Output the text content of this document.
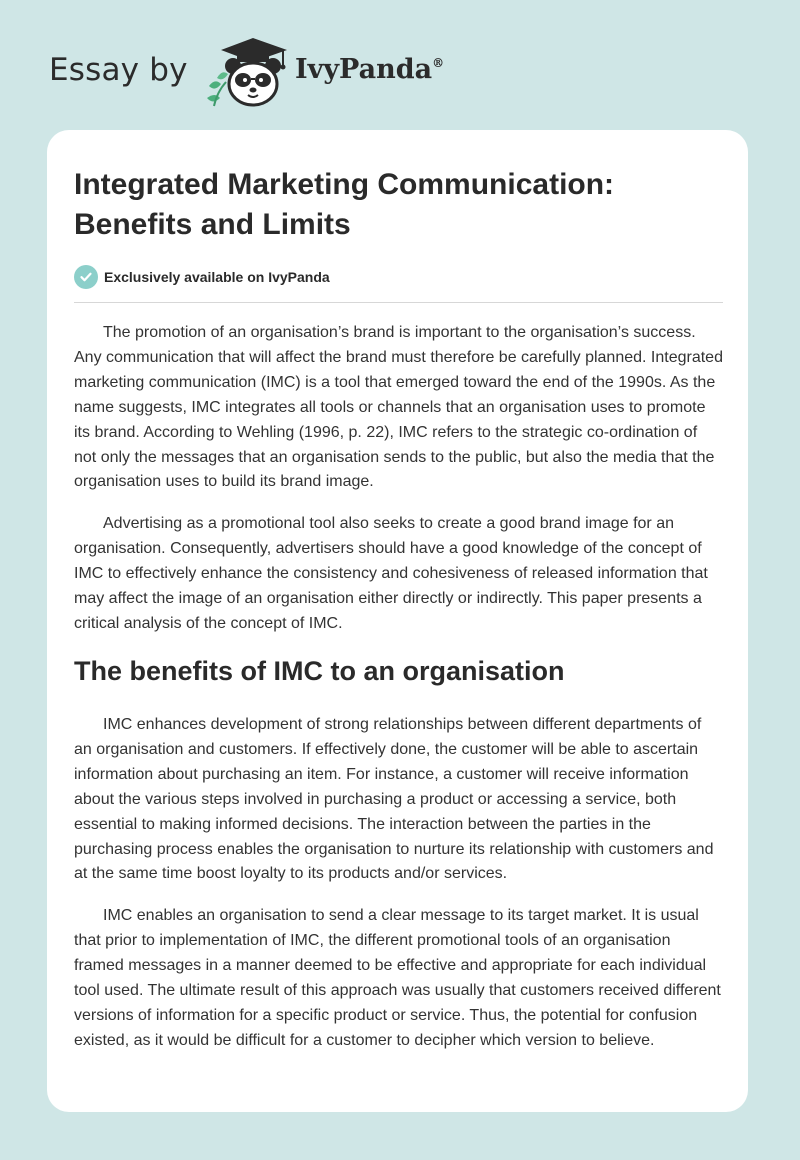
Essay by	IvyPanda®
Integrated Marketing Communication: Benefits and Limits
Exclusively available on IvyPanda

The promotion of an organisation’s brand is important to the organisation’s success. Any communication that will affect the brand must therefore be carefully planned. Integrated marketing communication (IMC) is a tool that emerged toward the end of the 1990s. As the name suggests, IMC integrates all tools or channels that an organisation uses to promote its brand. According to Wehling (1996, p. 22), IMC refers to the strategic co-ordination of not only the messages that an organisation sends to the public, but also the media that the organisation uses to build its brand image.

Advertising as a promotional tool also seeks to create a good brand image for an organisation. Consequently, advertisers should have a good knowledge of the concept of IMC to effectively enhance the consistency and cohesiveness of released information that may affect the image of an organisation either directly or indirectly. This paper presents a critical analysis of the concept of IMC.

The benefits of IMC to an organisation

IMC enhances development of strong relationships between different departments of an organisation and customers. If effectively done, the customer will be able to ascertain information about purchasing an item. For instance, a customer will receive information about the various steps involved in purchasing a product or accessing a service, both essential to making informed decisions. The interaction between the parties in the purchasing process enables the organisation to nurture its relationship with customers and at the same time boost loyalty to its products and/or services.

IMC enables an organisation to send a clear message to its target market. It is usual that prior to implementation of IMC, the different promotional tools of an organisation framed messages in a manner deemed to be effective and appropriate for each individual tool used. The ultimate result of this approach was usually that customers received different versions of information for a specific product or service. Thus, the potential for confusion existed, as it would be difficult for a customer to decipher which version to believe.
